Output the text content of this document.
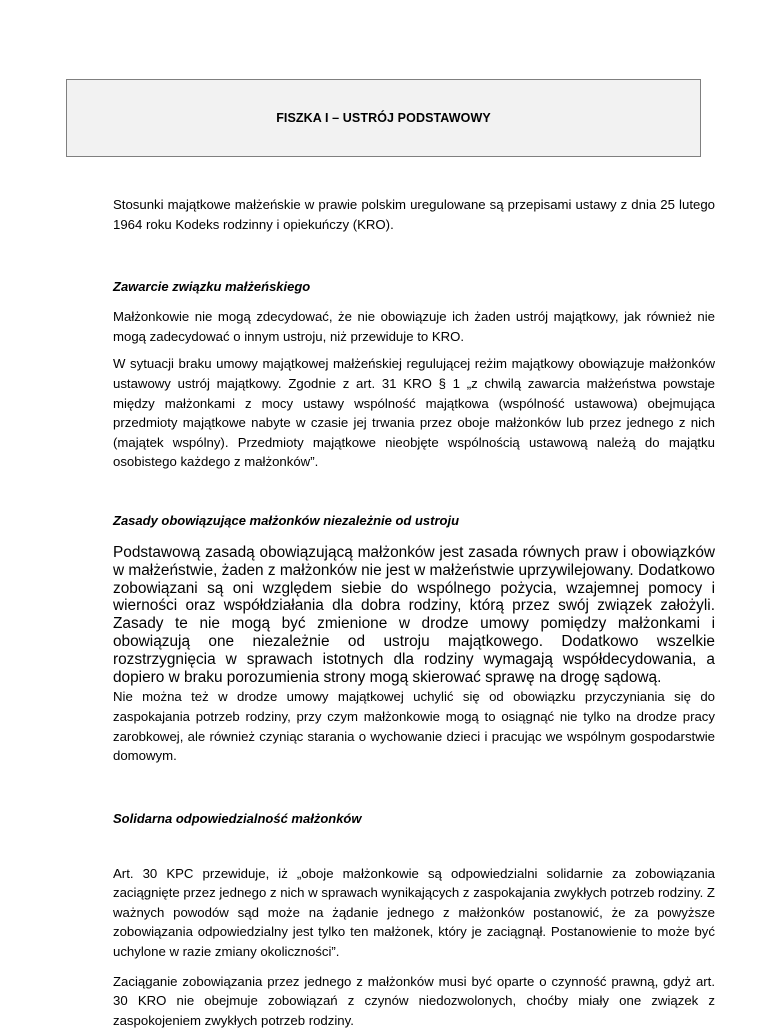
FISZKA I – USTRÓJ PODSTAWOWY

Stosunki majątkowe małżeńskie w prawie polskim uregulowane są przepisami ustawy z dnia 25 lutego 1964 roku Kodeks rodzinny i opiekuńczy (KRO).

Zawarcie związku małżeńskiego

Małżonkowie nie mogą zdecydować, że nie obowiązuje ich żaden ustrój majątkowy, jak również nie mogą zadecydować o innym ustroju, niż przewiduje to KRO.

W sytuacji braku umowy majątkowej małżeńskiej regulującej reżim majątkowy obowiązuje małżonków ustawowy ustrój majątkowy. Zgodnie z art. 31 KRO § 1 „z chwilą zawarcia małżeństwa powstaje między małżonkami z mocy ustawy wspólność majątkowa (wspólność ustawowa) obejmująca przedmioty majątkowe nabyte w czasie jej trwania przez oboje małżonków lub przez jednego z nich (majątek wspólny). Przedmioty majątkowe nieobjęte wspólnością ustawową należą do majątku osobistego każdego z małżonków”.

Zasady obowiązujące małżonków niezależnie od ustroju

Podstawową zasadą obowiązującą małżonków jest zasada równych praw i obowiązków w małżeństwie, żaden z małżonków nie jest w małżeństwie uprzywilejowany. Dodatkowo zobowiązani są oni względem siebie do wspólnego pożycia, wzajemnej pomocy i wierności oraz współdziałania dla dobra rodziny, którą przez swój związek założyli. Zasady te nie mogą być zmienione w drodze umowy pomiędzy małżonkami i obowiązują one niezależnie od ustroju majątkowego. Dodatkowo wszelkie rozstrzygnięcia w sprawach istotnych dla rodziny wymagają współdecydowania, a dopiero w braku porozumienia strony mogą skierować sprawę na drogę sądową.

Nie można też w drodze umowy majątkowej uchylić się od obowiązku przyczyniania się do zaspokajania potrzeb rodziny, przy czym małżonkowie mogą to osiągnąć nie tylko na drodze pracy zarobkowej, ale również czyniąc starania o wychowanie dzieci i pracując we wspólnym gospodarstwie domowym.

Solidarna odpowiedzialność małżonków

Art. 30 KPC przewiduje, iż „oboje małżonkowie są odpowiedzialni solidarnie za zobowiązania zaciągnięte przez jednego z nich w sprawach wynikających z zaspokajania zwykłych potrzeb rodziny. Z ważnych powodów sąd może na żądanie jednego z małżonków postanowić, że za powyższe zobowiązania odpowiedzialny jest tylko ten małżonek, który je zaciągnął. Postanowienie to może być uchylone w razie zmiany okoliczności”.

Zaciąganie zobowiązania przez jednego z małżonków musi być oparte o czynność prawną, gdyż art. 30 KRO nie obejmuje zobowiązań z czynów niedozwolonych, choćby miały one związek z zaspokojeniem zwykłych potrzeb rodziny.
